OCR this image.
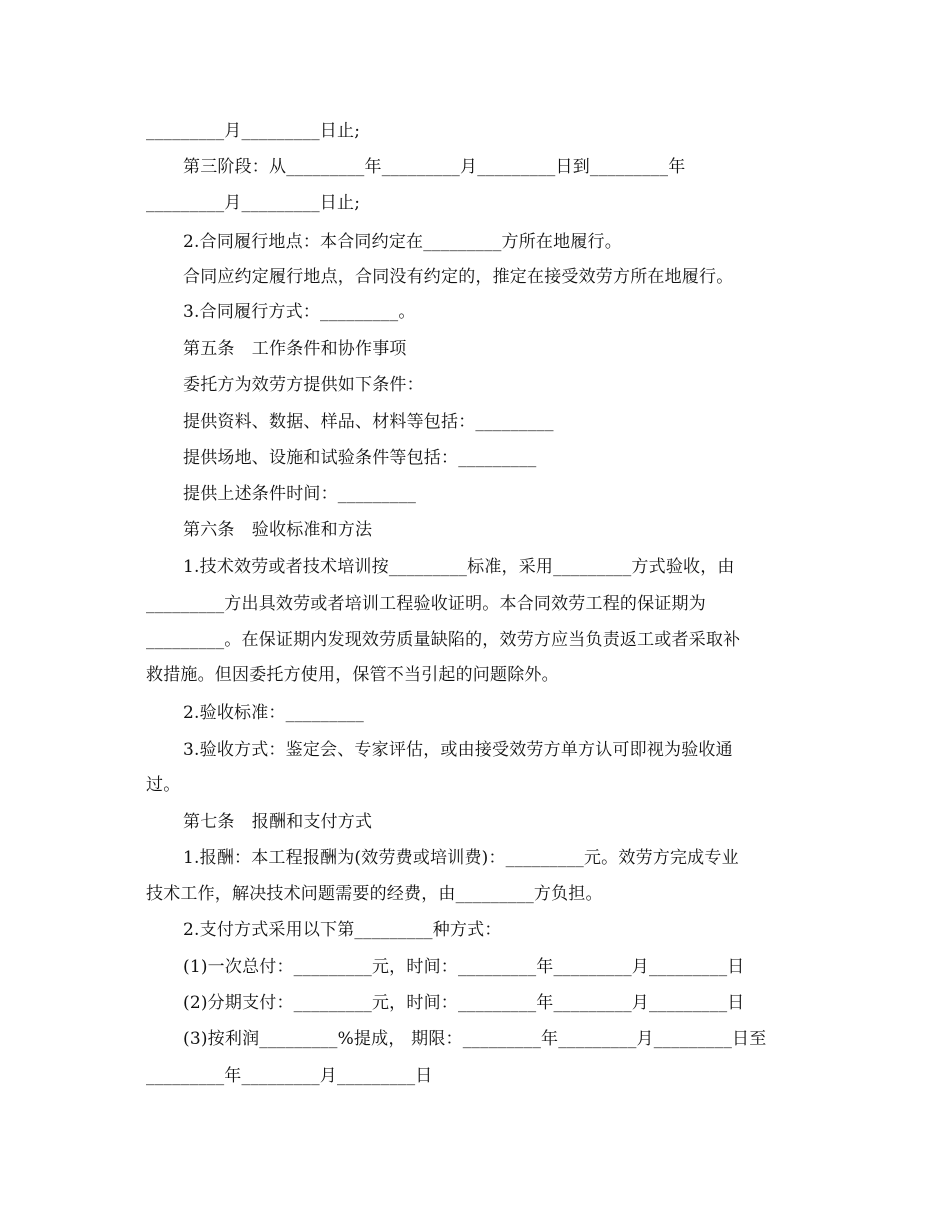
_________月_________日止;
第三阶段：从_________年_________月_________日到_________年
_________月_________日止;
2.合同履行地点：本合同约定在_________方所在地履行。
合同应约定履行地点，合同没有约定的，推定在接受效劳方所在地履行。
3.合同履行方式：_________。
第五条　工作条件和协作事项
委托方为效劳方提供如下条件：
提供资料、数据、样品、材料等包括：_________
提供场地、设施和试验条件等包括：_________
提供上述条件时间：_________
第六条　验收标准和方法
1.技术效劳或者技术培训按_________标准，采用_________方式验收，由
_________方出具效劳或者培训工程验收证明。本合同效劳工程的保证期为
_________。在保证期内发现效劳质量缺陷的，效劳方应当负责返工或者采取补
救措施。但因委托方使用，保管不当引起的问题除外。
2.验收标准：_________
3.验收方式：鉴定会、专家评估，或由接受效劳方单方认可即视为验收通
过。
第七条　报酬和支付方式
1.报酬：本工程报酬为(效劳费或培训费)：_________元。效劳方完成专业
技术工作，解决技术问题需要的经费，由_________方负担。
2.支付方式采用以下第_________种方式：
(1)一次总付：_________元，时间：_________年_________月_________日
(2)分期支付：_________元，时间：_________年_________月_________日
(3)按利润_________%提成， 期限：_________年_________月_________日至
_________年_________月_________日
